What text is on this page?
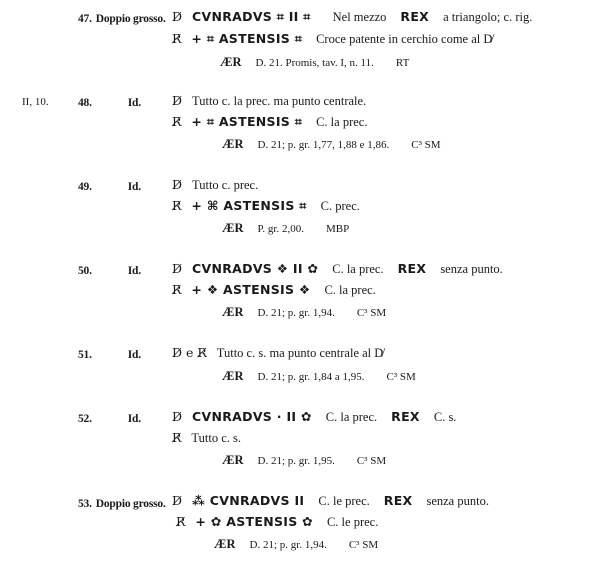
II, 10.
47. Doppio grosso. D̸ CVNRADVS ⌗ II ⌗ Nel mezzo REX a triangolo; c. rig.
R̸ + ⌗ ASTENSIS ⌗ Croce patente in cerchio come al D̸
ÆR D. 21. Promis, tav. I, n. 11. RT
48.	Id. D̸ Tutto c. la prec. ma punto centrale.
R̸ + ⌗ ASTENSIS ⌗ C. la prec.
ÆR D. 21; p. gr. 1,77, 1,88 e 1,86. C³ SM
49.	Id. D̸ Tutto c. prec.
R̸ + ⌘ ASTENSIS ⌗ C. prec.
ÆR P. gr. 2,00. MBP
50.	Id. D̸ CVNRADVS ❖ II ✿ C. la prec. REX senza punto.
R̸ + ❖ ASTENSIS ❖ C. la prec.
ÆR D. 21; p. gr. 1,94. C³ SM
51.	Id. D̸ e R̸ Tutto c. s. ma punto centrale al D̸
ÆR D. 21; p. gr. 1,84 a 1,95. C³ SM
52.	Id. D̸ CVNRADVS · II ✿ C. la prec. REX C. s.
R̸ Tutto c. s.
ÆR D. 21; p. gr. 1,95. C³ SM
53. Doppio grosso. D̸ ⁂ CVNRADVS II C. le prec. REX senza punto.
R̸ + ✿ ASTENSIS ✿ C. le prec.
ÆR D. 21; p. gr. 1,94. C³ SM
